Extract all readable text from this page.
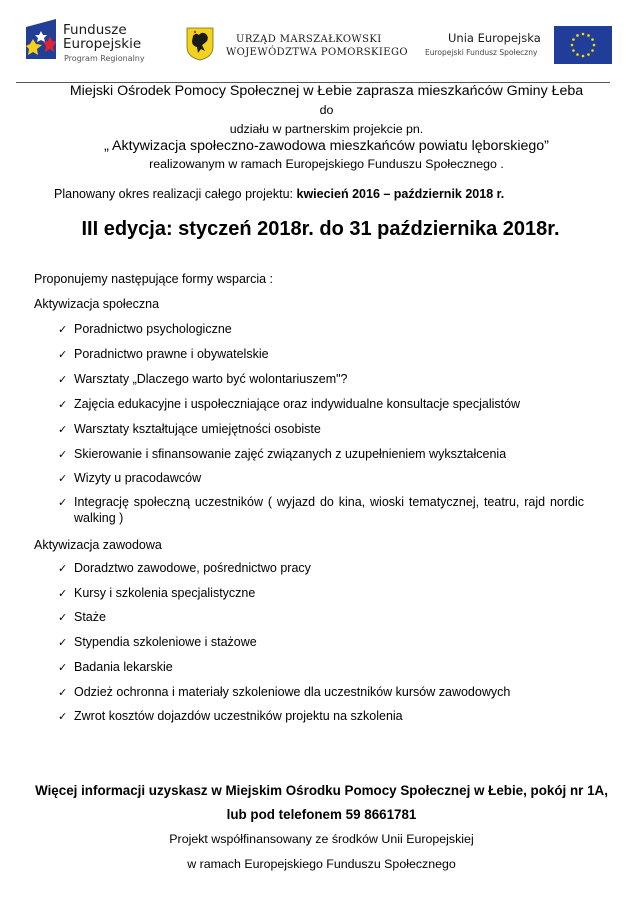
Fundusze
Europejskie
Program Regionalny
URZĄD MARSZAŁKOWSKI
WOJEWÓDZTWA POMORSKIEGO
Unia Europejska
Europejski Fundusz Społeczny
Miejski Ośrodek Pomocy Społecznej w Łebie zaprasza mieszkańców Gminy Łeba
do
udziału w partnerskim projekcie pn.
„ Aktywizacja społeczno-zawodowa mieszkańców powiatu lęborskiego”
realizowanym w ramach Europejskiego Funduszu Społecznego .
Planowany okres realizacji całego projektu: kwiecień 2016 – październik 2018 r.
III edycja: styczeń 2018r. do 31 października 2018r.
Proponujemy następujące formy wsparcia :
Aktywizacja społeczna
✓ Poradnictwo psychologiczne
✓ Poradnictwo prawne i obywatelskie
✓ Warsztaty „Dlaczego warto być wolontariuszem"?
✓ Zajęcia edukacyjne i uspołeczniające oraz indywidualne konsultacje specjalistów
✓ Warsztaty kształtujące umiejętności osobiste
✓ Skierowanie i sfinansowanie zajęć związanych z uzupełnieniem wykształcenia
✓ Wizyty u pracodawców
✓ Integrację społeczną uczestników ( wyjazd do kina, wioski tematycznej, teatru, rajd nordic walking )
Aktywizacja zawodowa
✓ Doradztwo zawodowe, pośrednictwo pracy
✓ Kursy i szkolenia specjalistyczne
✓ Staże
✓ Stypendia szkoleniowe i stażowe
✓ Badania lekarskie
✓ Odzież ochronna i materiały szkoleniowe dla uczestników kursów zawodowych
✓ Zwrot kosztów dojazdów uczestników projektu na szkolenia
Więcej informacji uzyskasz w Miejskim Ośrodku Pomocy Społecznej w Łebie, pokój nr 1A,
lub pod telefonem 59 8661781
Projekt współfinansowany ze środków Unii Europejskiej
w ramach Europejskiego Funduszu Społecznego
